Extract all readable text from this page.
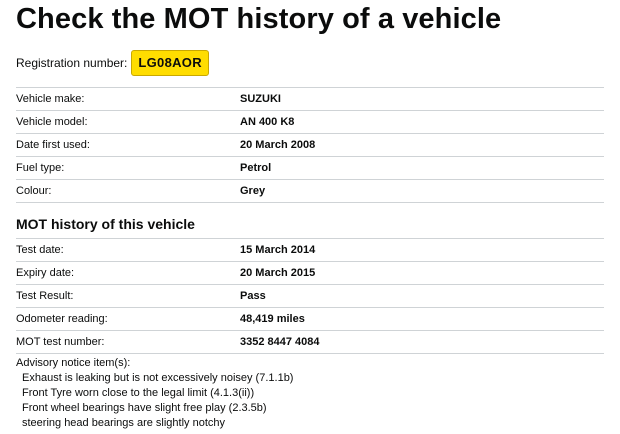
Check the MOT history of a vehicle
Registration number: LG08AOR
Vehicle make:	SUZUKI
Vehicle model:	AN 400 K8
Date first used:	20 March 2008
Fuel type:	Petrol
Colour:	Grey
MOT history of this vehicle
Test date:	15 March 2014
Expiry date:	20 March 2015
Test Result:	Pass
Odometer reading:	48,419 miles
MOT test number:	3352 8447 4084
Advisory notice item(s):
Exhaust is leaking but is not excessively noisey (7.1.1b)
Front Tyre worn close to the legal limit (4.1.3(ii))
Front wheel bearings have slight free play (2.3.5b)
steering head bearings are slightly notchy
